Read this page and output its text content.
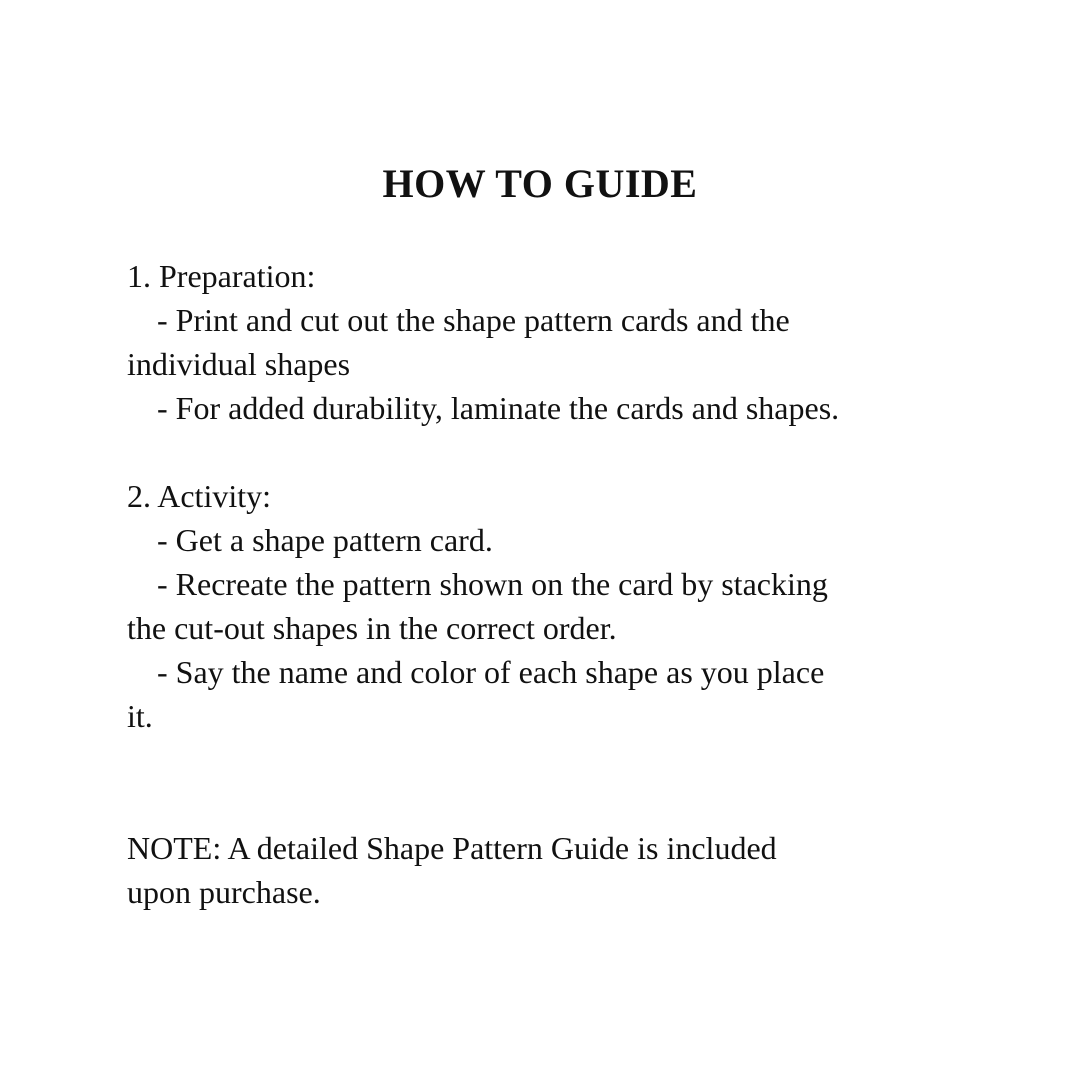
HOW TO GUIDE
1. Preparation:
- Print and cut out the shape pattern cards and the
individual shapes
- For added durability, laminate the cards and shapes.
2. Activity:
- Get a shape pattern card.
- Recreate the pattern shown on the card by stacking
the cut-out shapes in the correct order.
- Say the name and color of each shape as you place
it.
NOTE: A detailed Shape Pattern Guide is included
upon purchase.
